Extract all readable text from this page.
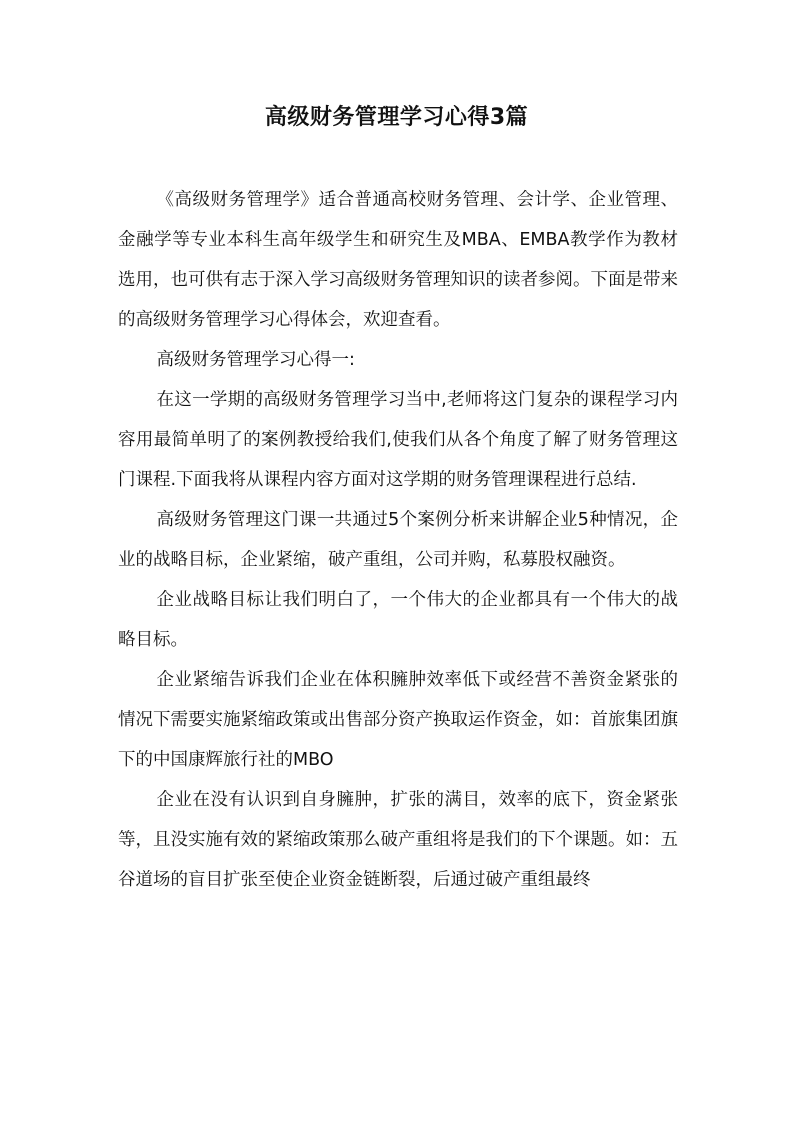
高级财务管理学习心得3篇

《高级财务管理学》适合普通高校财务管理、会计学、企业管理、金融学等专业本科生高年级学生和研究生及MBA、EMBA教学作为教材选用，也可供有志于深入学习高级财务管理知识的读者参阅。下面是带来的高级财务管理学习心得体会，欢迎查看。

高级财务管理学习心得一:

在这一学期的高级财务管理学习当中,老师将这门复杂的课程学习内容用最简单明了的案例教授给我们,使我们从各个角度了解了财务管理这门课程.下面我将从课程内容方面对这学期的财务管理课程进行总结.

高级财务管理这门课一共通过5个案例分析来讲解企业5种情况，企业的战略目标，企业紧缩，破产重组，公司并购，私募股权融资。

企业战略目标让我们明白了，一个伟大的企业都具有一个伟大的战略目标。

企业紧缩告诉我们企业在体积臃肿效率低下或经营不善资金紧张的情况下需要实施紧缩政策或出售部分资产换取运作资金，如：首旅集团旗下的中国康辉旅行社的MBO

企业在没有认识到自身臃肿，扩张的满目，效率的底下，资金紧张等，且没实施有效的紧缩政策那么破产重组将是我们的下个课题。如：五谷道场的盲目扩张至使企业资金链断裂，后通过破产重组最终
